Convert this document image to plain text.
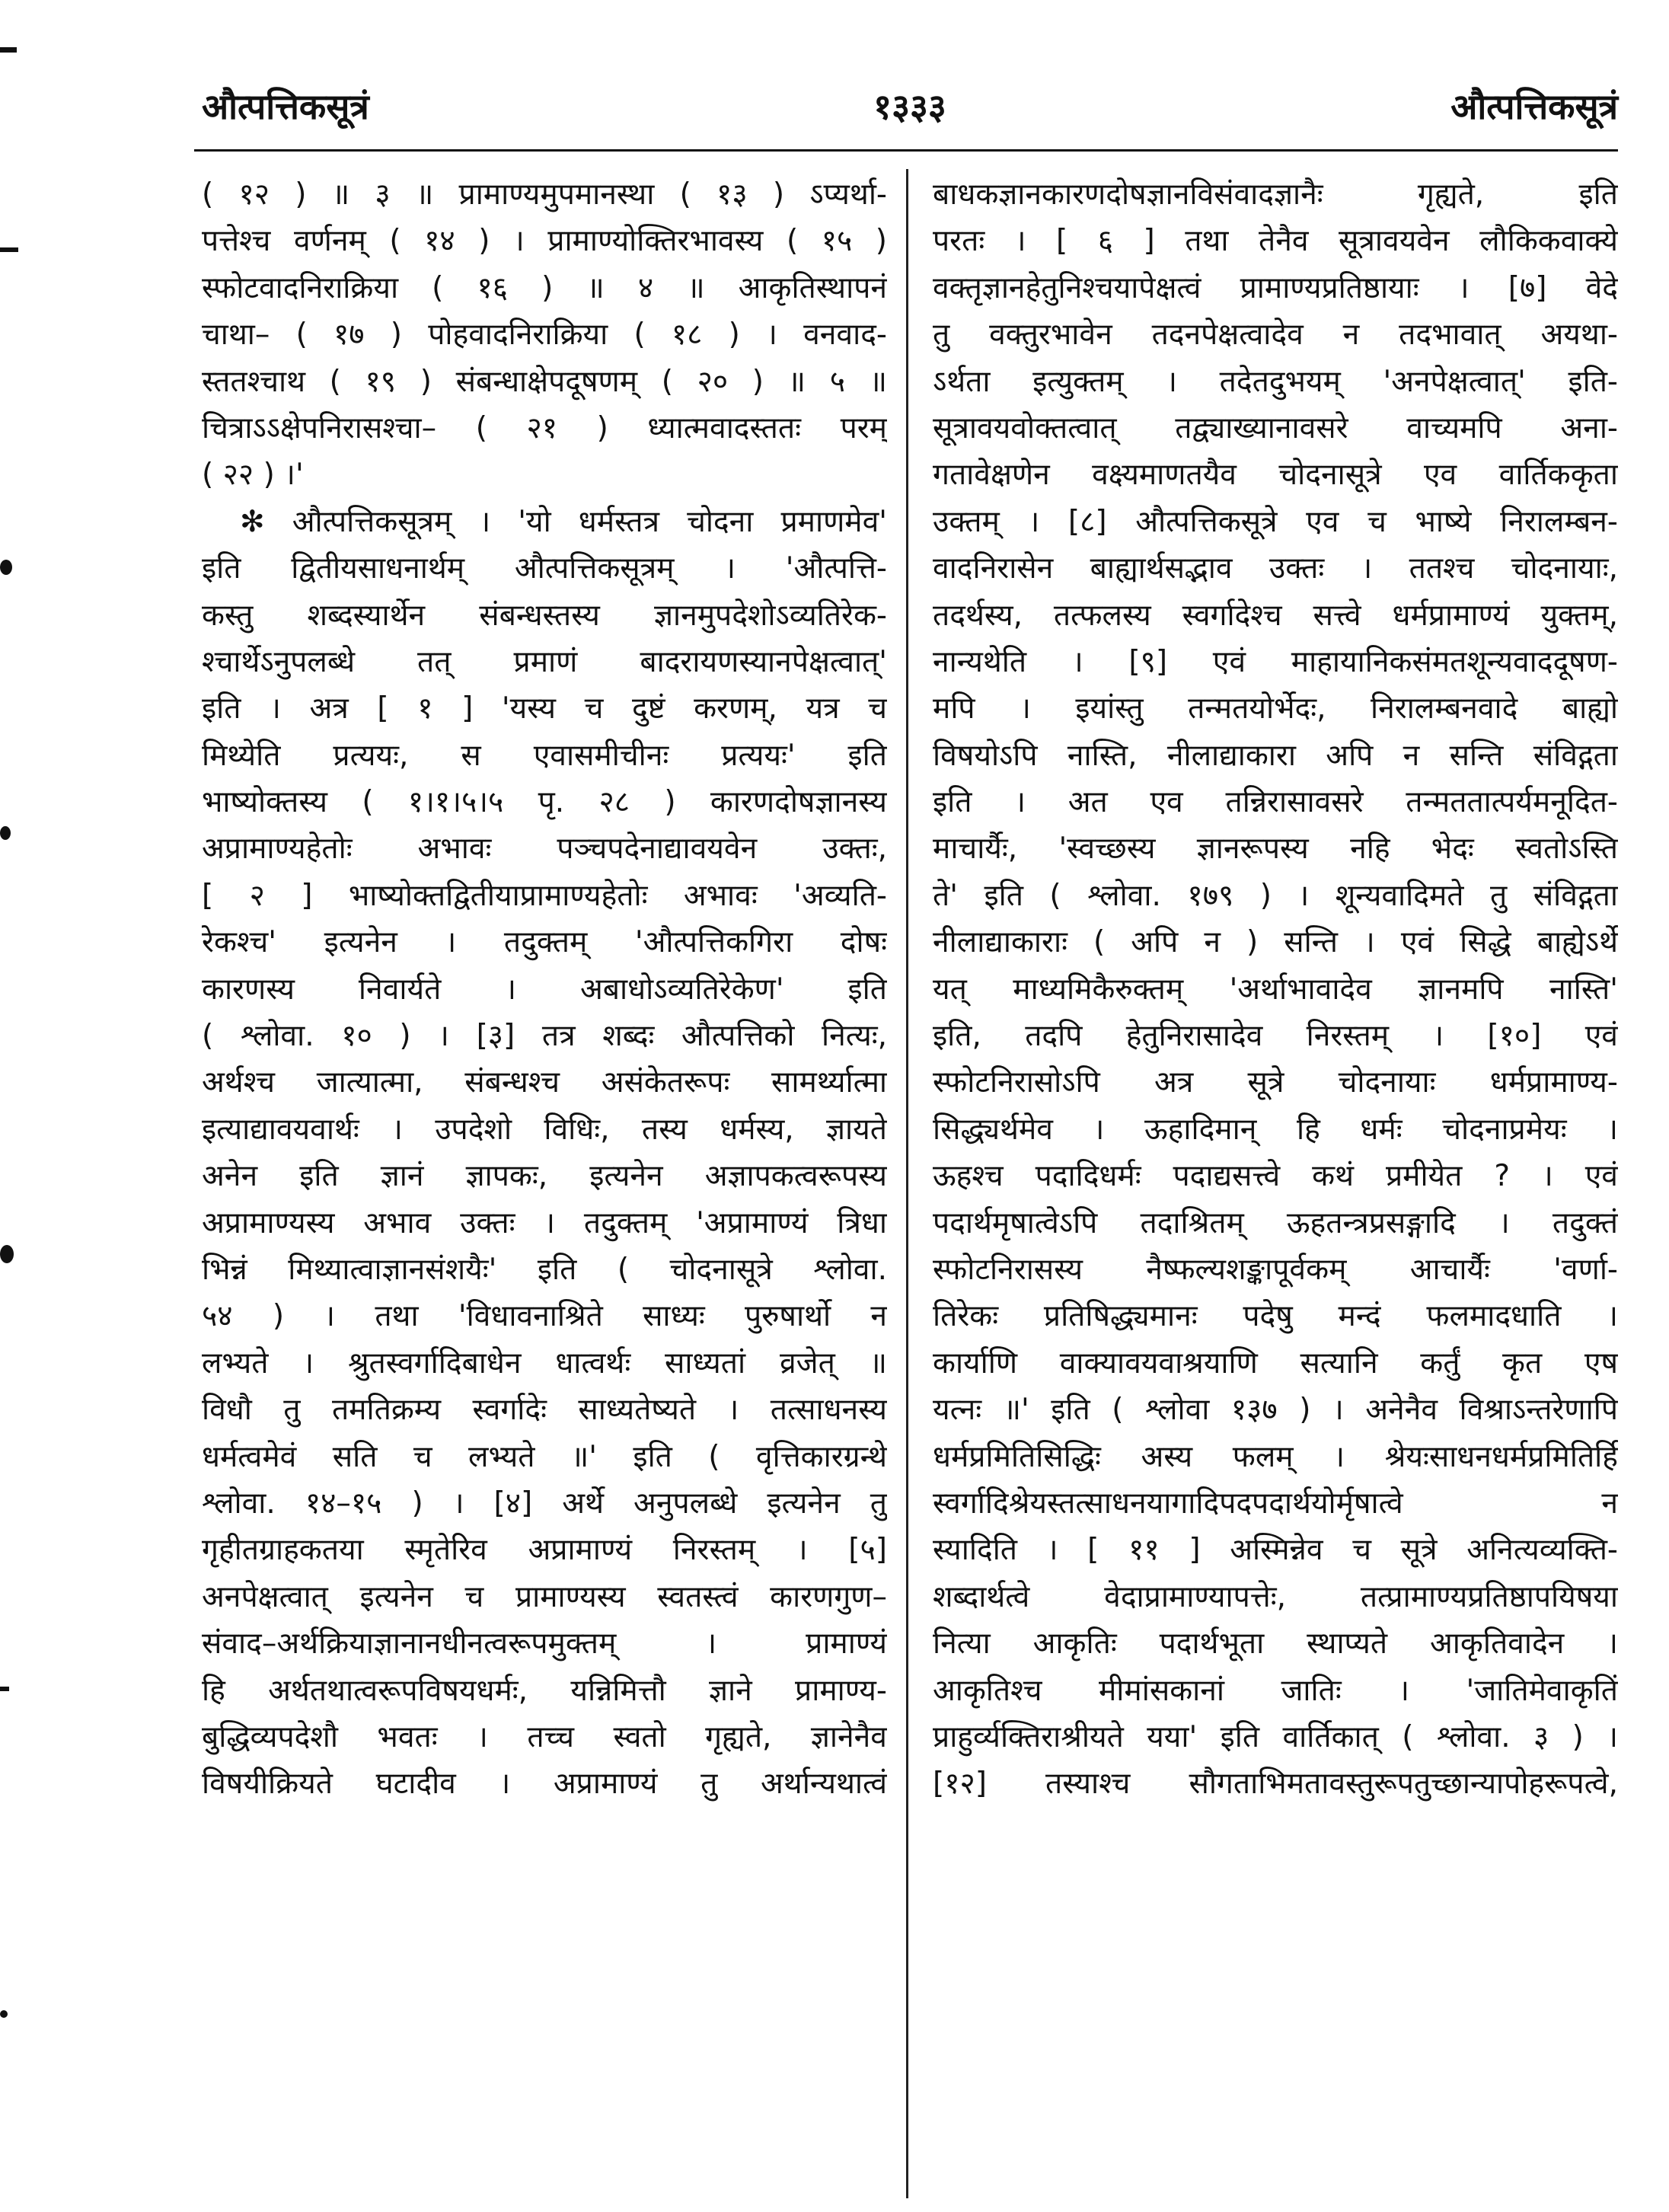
१३३३
औत्पत्तिकसूत्रं	औत्पत्तिकसूत्रं
( १२ ) ॥ ३ ॥ प्रामाण्यमुपमानस्था ( १३ ) ऽप्यर्था-
पत्तेश्च वर्णनम् ( १४ ) । प्रामाण्योक्तिरभावस्य ( १५ )
स्फोटवादनिराक्रिया ( १६ ) ॥ ४ ॥ आकृतिस्थापनं
चाथा– ( १७ ) पोहवादनिराक्रिया ( १८ ) । वनवाद-
स्ततश्चाथ ( १९ ) संबन्धाक्षेपदूषणम् ( २० ) ॥ ५ ॥
चित्राऽऽक्षेपनिरासश्चा– ( २१ ) ध्यात्मवादस्ततः परम्
( २२ ) ।'
✻ औत्पत्तिकसूत्रम् । 'यो धर्मस्तत्र चोदना प्रमाणमेव'
इति द्वितीयसाधनार्थम् औत्पत्तिकसूत्रम् । 'औत्पत्ति-
कस्तु शब्दस्यार्थेन संबन्धस्तस्य ज्ञानमुपदेशोऽव्यतिरेक-
श्चार्थेऽनुपलब्धे तत् प्रमाणं बादरायणस्यानपेक्षत्वात्'
इति । अत्र [ १ ] 'यस्य च दुष्टं करणम्, यत्र च
मिथ्येति प्रत्ययः, स एवासमीचीनः प्रत्ययः' इति
भाष्योक्तस्य ( १।१।५।५ पृ. २८ ) कारणदोषज्ञानस्य
अप्रामाण्यहेतोः अभावः पञ्चपदेनाद्यावयवेन उक्तः,
[ २ ] भाष्योक्तद्वितीयाप्रामाण्यहेतोः अभावः 'अव्यति-
रेकश्च' इत्यनेन । तदुक्तम् 'औत्पत्तिकगिरा दोषः
कारणस्य निवार्यते । अबाधोऽव्यतिरेकेण' इति
( श्लोवा. १० ) । [३] तत्र शब्दः औत्पत्तिको नित्यः,
अर्थश्च जात्यात्मा, संबन्धश्च असंकेतरूपः सामर्थ्यात्मा
इत्याद्यावयवार्थः । उपदेशो विधिः, तस्य धर्मस्य, ज्ञायते
अनेन इति ज्ञानं ज्ञापकः, इत्यनेन अज्ञापकत्वरूपस्य
अप्रामाण्यस्य अभाव उक्तः । तदुक्तम् 'अप्रामाण्यं त्रिधा
भिन्नं मिथ्यात्वाज्ञानसंशयैः' इति ( चोदनासूत्रे श्लोवा.
५४ ) । तथा 'विधावनाश्रिते साध्यः पुरुषार्थो न
लभ्यते । श्रुतस्वर्गादिबाधेन धात्वर्थः साध्यतां व्रजेत् ॥
विधौ तु तमतिक्रम्य स्वर्गादेः साध्यतेष्यते । तत्साधनस्य
धर्मत्वमेवं सति च लभ्यते ॥' इति ( वृत्तिकारग्रन्थे
श्लोवा. १४–१५ ) । [४] अर्थे अनुपलब्धे इत्यनेन तु
गृहीतग्राहकतया स्मृतेरिव अप्रामाण्यं निरस्तम् । [५]
अनपेक्षत्वात् इत्यनेन च प्रामाण्यस्य स्वतस्त्वं कारणगुण–
संवाद–अर्थक्रियाज्ञानानधीनत्वरूपमुक्तम् । प्रामाण्यं
हि अर्थतथात्वरूपविषयधर्मः, यन्निमित्तौ ज्ञाने प्रामाण्य-
बुद्धिव्यपदेशौ भवतः । तच्च स्वतो गृह्यते, ज्ञानेनैव
विषयीक्रियते घटादीव । अप्रामाण्यं तु अर्थान्यथात्वं
बाधकज्ञानकारणदोषज्ञानविसंवादज्ञानैः गृह्यते, इति
परतः । [ ६ ] तथा तेनैव सूत्रावयवेन लौकिकवाक्ये
वक्तृज्ञानहेतुनिश्चयापेक्षत्वं प्रामाण्यप्रतिष्ठायाः । [७] वेदे
तु वक्तुरभावेन तदनपेक्षत्वादेव न तदभावात् अयथा-
ऽर्थता इत्युक्तम् । तदेतदुभयम् 'अनपेक्षत्वात्' इति-
सूत्रावयवोक्तत्वात् तद्व्याख्यानावसरे वाच्यमपि अना-
गतावेक्षणेन वक्ष्यमाणतयैव चोदनासूत्रे एव वार्तिककृता
उक्तम् । [८] औत्पत्तिकसूत्रे एव च भाष्ये निरालम्बन-
वादनिरासेन बाह्यार्थसद्भाव उक्तः । ततश्च चोदनायाः,
तदर्थस्य, तत्फलस्य स्वर्गादेश्च सत्त्वे धर्मप्रामाण्यं युक्तम्,
नान्यथेति । [९] एवं माहायानिकसंमतशून्यवाददूषण-
मपि । इयांस्तु तन्मतयोर्भेदः, निरालम्बनवादे बाह्यो
विषयोऽपि नास्ति, नीलाद्याकारा अपि न सन्ति संविद्गता
इति । अत एव तन्निरासावसरे तन्मततात्पर्यमनूदित-
माचार्यैः, 'स्वच्छस्य ज्ञानरूपस्य नहि भेदः स्वतोऽस्ति
ते' इति ( श्लोवा. १७९ ) । शून्यवादिमते तु संविद्गता
नीलाद्याकाराः ( अपि न ) सन्ति । एवं सिद्धे बाह्येऽर्थे
यत् माध्यमिकैरुक्तम् 'अर्थाभावादेव ज्ञानमपि नास्ति'
इति, तदपि हेतुनिरासादेव निरस्तम् । [१०] एवं
स्फोटनिरासोऽपि अत्र सूत्रे चोदनायाः धर्मप्रामाण्य-
सिद्ध्यर्थमेव । ऊहादिमान् हि धर्मः चोदनाप्रमेयः ।
ऊहश्च पदादिधर्मः पदाद्यसत्त्वे कथं प्रमीयेत ? । एवं
पदार्थमृषात्वेऽपि तदाश्रितम् ऊहतन्त्रप्रसङ्गादि । तदुक्तं
स्फोटनिरासस्य नैष्फल्यशङ्कापूर्वकम् आचार्यैः 'वर्णा-
तिरेकः प्रतिषिद्ध्यमानः पदेषु मन्दं फलमादधाति ।
कार्याणि वाक्यावयवाश्रयाणि सत्यानि कर्तुं कृत एष
यत्नः ॥' इति ( श्लोवा १३७ ) । अनेनैव विश्राऽन्तरेणापि
धर्मप्रमितिसिद्धिः अस्य फलम् । श्रेयःसाधनधर्मप्रमितिर्हि
स्वर्गादिश्रेयस्तत्साधनयागादिपदपदार्थयोर्मृषात्वे न
स्यादिति । [ ११ ] अस्मिन्नेव च सूत्रे अनित्यव्यक्ति-
शब्दार्थत्वे वेदाप्रामाण्यापत्तेः, तत्प्रामाण्यप्रतिष्ठापयिषया
नित्या आकृतिः पदार्थभूता स्थाप्यते आकृतिवादेन ।
आकृतिश्च मीमांसकानां जातिः । 'जातिमेवाकृतिं
प्राहुर्व्यक्तिराश्रीयते यया' इति वार्तिकात् ( श्लोवा. ३ ) ।
[१२] तस्याश्च सौगताभिमतावस्तुरूपतुच्छान्यापोहरूपत्वे,
